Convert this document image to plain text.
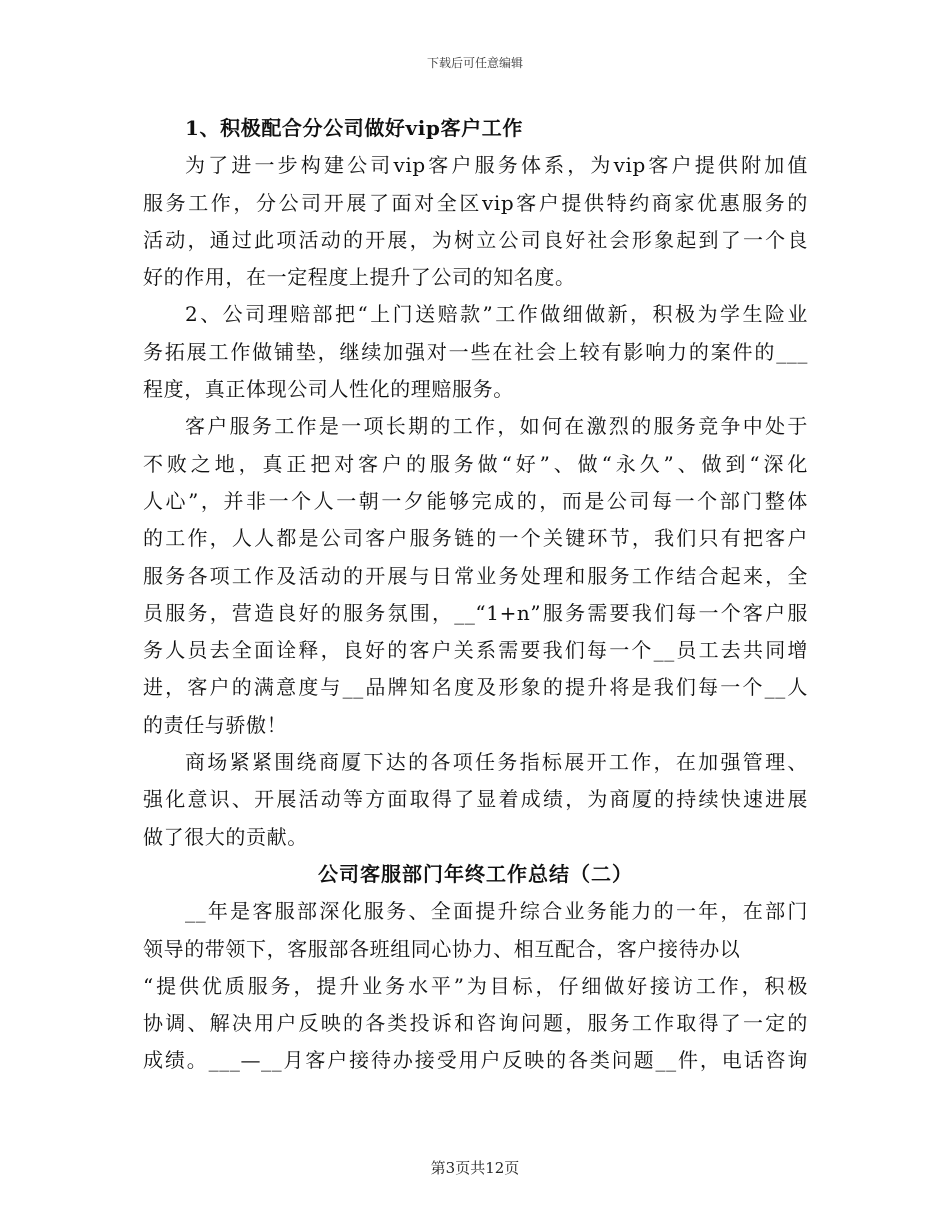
下载后可任意编辑
1、积极配合分公司做好vip客户工作
为了进一步构建公司vip客户服务体系，为vip客户提供附加值
服务工作，分公司开展了面对全区vip客户提供特约商家优惠服务的
活动，通过此项活动的开展，为树立公司良好社会形象起到了一个良
好的作用，在一定程度上提升了公司的知名度。
2、公司理赔部把“上门送赔款”工作做细做新，积极为学生险业
务拓展工作做铺垫，继续加强对一些在社会上较有影响力的案件的___
程度，真正体现公司人性化的理赔服务。
客户服务工作是一项长期的工作，如何在激烈的服务竞争中处于
不败之地，真正把对客户的服务做“好”、做“永久”、做到“深化
人心”，并非一个人一朝一夕能够完成的，而是公司每一个部门整体
的工作，人人都是公司客户服务链的一个关键环节，我们只有把客户
服务各项工作及活动的开展与日常业务处理和服务工作结合起来，全
员服务，营造良好的服务氛围，__“1+n”服务需要我们每一个客户服
务人员去全面诠释，良好的客户关系需要我们每一个__员工去共同增
进，客户的满意度与__品牌知名度及形象的提升将是我们每一个__人
的责任与骄傲！
商场紧紧围绕商厦下达的各项任务指标展开工作，在加强管理、
强化意识、开展活动等方面取得了显着成绩，为商厦的持续快速进展
做了很大的贡献。
公司客服部门年终工作总结（二）
__年是客服部深化服务、全面提升综合业务能力的一年，在部门
领导的带领下，客服部各班组同心协力、相互配合，客户接待办以
“提供优质服务，提升业务水平”为目标，仔细做好接访工作，积极
协调、解决用户反映的各类投诉和咨询问题，服务工作取得了一定的
成绩。___—__月客户接待办接受用户反映的各类问题__件，电话咨询
第3页共12页
